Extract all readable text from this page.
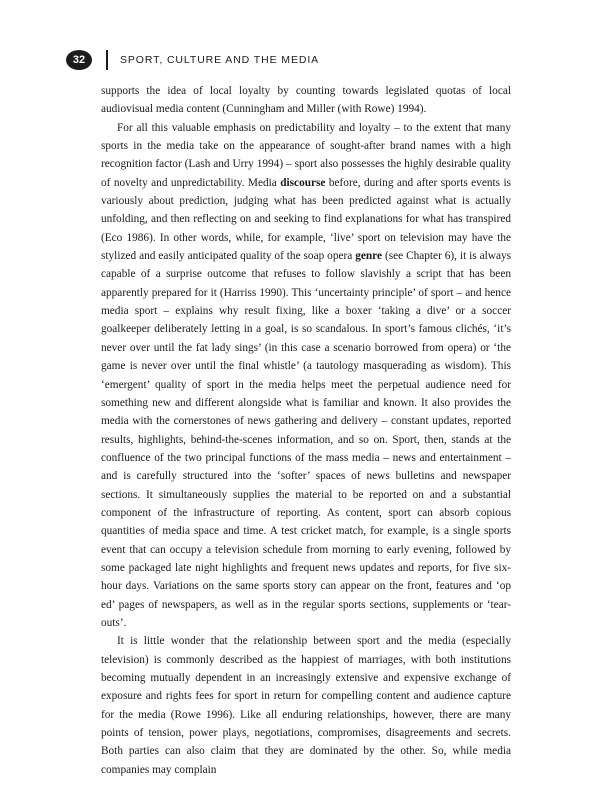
32	SPORT, CULTURE AND THE MEDIA

supports the idea of local loyalty by counting towards legislated quotas of local audiovisual media content (Cunningham and Miller (with Rowe) 1994).

For all this valuable emphasis on predictability and loyalty – to the extent that many sports in the media take on the appearance of sought-after brand names with a high recognition factor (Lash and Urry 1994) – sport also possesses the highly desirable quality of novelty and unpredictability. Media discourse before, during and after sports events is variously about prediction, judging what has been predicted against what is actually unfolding, and then reflecting on and seeking to find explanations for what has transpired (Eco 1986). In other words, while, for example, ‘live’ sport on television may have the stylized and easily anticipated quality of the soap opera genre (see Chapter 6), it is always capable of a surprise outcome that refuses to follow slavishly a script that has been apparently prepared for it (Harriss 1990). This ‘uncertainty principle’ of sport – and hence media sport – explains why result fixing, like a boxer ‘taking a dive’ or a soccer goalkeeper deliberately letting in a goal, is so scandalous. In sport’s famous clichés, ‘it’s never over until the fat lady sings’ (in this case a scenario borrowed from opera) or ‘the game is never over until the final whistle’ (a tautology masquerading as wisdom). This ‘emergent’ quality of sport in the media helps meet the perpetual audience need for something new and different alongside what is familiar and known. It also provides the media with the cornerstones of news gathering and delivery – constant updates, reported results, highlights, behind-the-scenes information, and so on. Sport, then, stands at the confluence of the two principal functions of the mass media – news and entertainment – and is carefully structured into the ‘softer’ spaces of news bulletins and newspaper sections. It simultaneously supplies the material to be reported on and a substantial component of the infrastructure of reporting. As content, sport can absorb copious quantities of media space and time. A test cricket match, for example, is a single sports event that can occupy a television schedule from morning to early evening, followed by some packaged late night highlights and frequent news updates and reports, for five six-hour days. Variations on the same sports story can appear on the front, features and ‘op ed’ pages of newspapers, as well as in the regular sports sections, supplements or ‘tear-outs’.

It is little wonder that the relationship between sport and the media (especially television) is commonly described as the happiest of marriages, with both institutions becoming mutually dependent in an increasingly extensive and expensive exchange of exposure and rights fees for sport in return for compelling content and audience capture for the media (Rowe 1996). Like all enduring relationships, however, there are many points of tension, power plays, negotiations, compromises, disagreements and secrets. Both parties can also claim that they are dominated by the other. So, while media companies may complain
